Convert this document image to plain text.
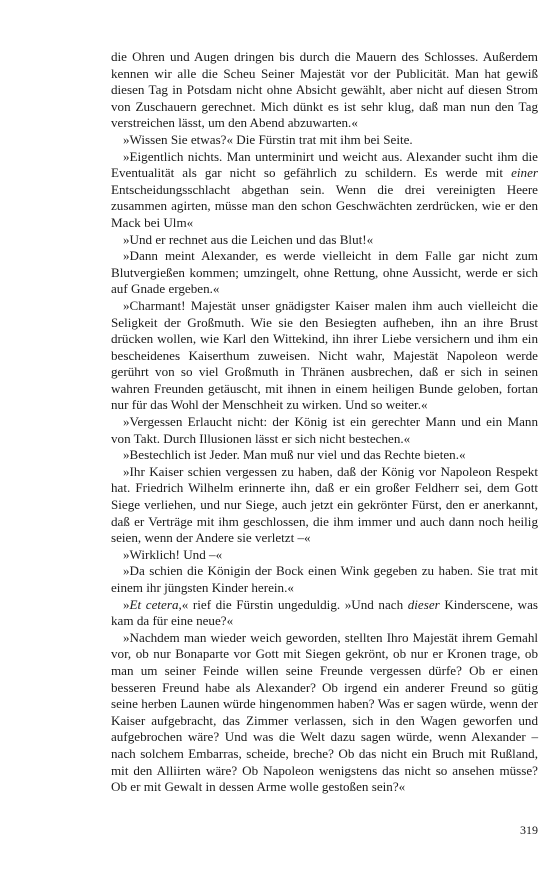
die Ohren und Augen dringen bis durch die Mauern des Schlosses. Außerdem kennen wir alle die Scheu Seiner Majestät vor der Publicität. Man hat gewiß diesen Tag in Potsdam nicht ohne Absicht gewählt, aber nicht auf diesen Strom von Zuschauern gerechnet. Mich dünkt es ist sehr klug, daß man nun den Tag verstreichen lässt, um den Abend abzuwarten.«

»Wissen Sie etwas?« Die Fürstin trat mit ihm bei Seite.

»Eigentlich nichts. Man unterminirt und weicht aus. Alexander sucht ihm die Eventualität als gar nicht so gefährlich zu schildern. Es werde mit einer Entscheidungsschlacht abgethan sein. Wenn die drei vereinigten Heere zusammen agirten, müsse man den schon Geschwächten zerdrücken, wie er den Mack bei Ulm«

»Und er rechnet aus die Leichen und das Blut!«

»Dann meint Alexander, es werde vielleicht in dem Falle gar nicht zum Blutvergießen kommen; umzingelt, ohne Rettung, ohne Aussicht, werde er sich auf Gnade ergeben.«

»Charmant! Majestät unser gnädigster Kaiser malen ihm auch vielleicht die Seligkeit der Großmuth. Wie sie den Besiegten aufheben, ihn an ihre Brust drücken wollen, wie Karl den Wittekind, ihn ihrer Liebe versichern und ihm ein bescheidenes Kaiserthum zuweisen. Nicht wahr, Majestät Napoleon werde gerührt von so viel Großmuth in Thränen ausbrechen, daß er sich in seinen wahren Freunden getäuscht, mit ihnen in einem heiligen Bunde geloben, fortan nur für das Wohl der Menschheit zu wirken. Und so weiter.«

»Vergessen Erlaucht nicht: der König ist ein gerechter Mann und ein Mann von Takt. Durch Illusionen lässt er sich nicht bestechen.«

»Bestechlich ist Jeder. Man muß nur viel und das Rechte bieten.«

»Ihr Kaiser schien vergessen zu haben, daß der König vor Napoleon Respekt hat. Friedrich Wilhelm erinnerte ihn, daß er ein großer Feldherr sei, dem Gott Siege verliehen, und nur Siege, auch jetzt ein gekrönter Fürst, den er anerkannt, daß er Verträge mit ihm geschlossen, die ihm immer und auch dann noch heilig seien, wenn der Andere sie verletzt –«

»Wirklich! Und –«

»Da schien die Königin der Bock einen Wink gegeben zu haben. Sie trat mit einem ihr jüngsten Kinder herein.«

»Et cetera,« rief die Fürstin ungeduldig. »Und nach dieser Kinderscene, was kam da für eine neue?«

»Nachdem man wieder weich geworden, stellten Ihro Majestät ihrem Gemahl vor, ob nur Bonaparte vor Gott mit Siegen gekrönt, ob nur er Kronen trage, ob man um seiner Feinde willen seine Freunde vergessen dürfe? Ob er einen besseren Freund habe als Alexander? Ob irgend ein anderer Freund so gütig seine herben Launen würde hingenommen haben? Was er sagen würde, wenn der Kaiser aufgebracht, das Zimmer verlassen, sich in den Wagen geworfen und aufgebrochen wäre? Und was die Welt dazu sagen würde, wenn Alexander – nach solchem Embarras, scheide, breche? Ob das nicht ein Bruch mit Rußland, mit den Alliirten wäre? Ob Napoleon wenigstens das nicht so ansehen müsse? Ob er mit Gewalt in dessen Arme wolle gestoßen sein?«

319
